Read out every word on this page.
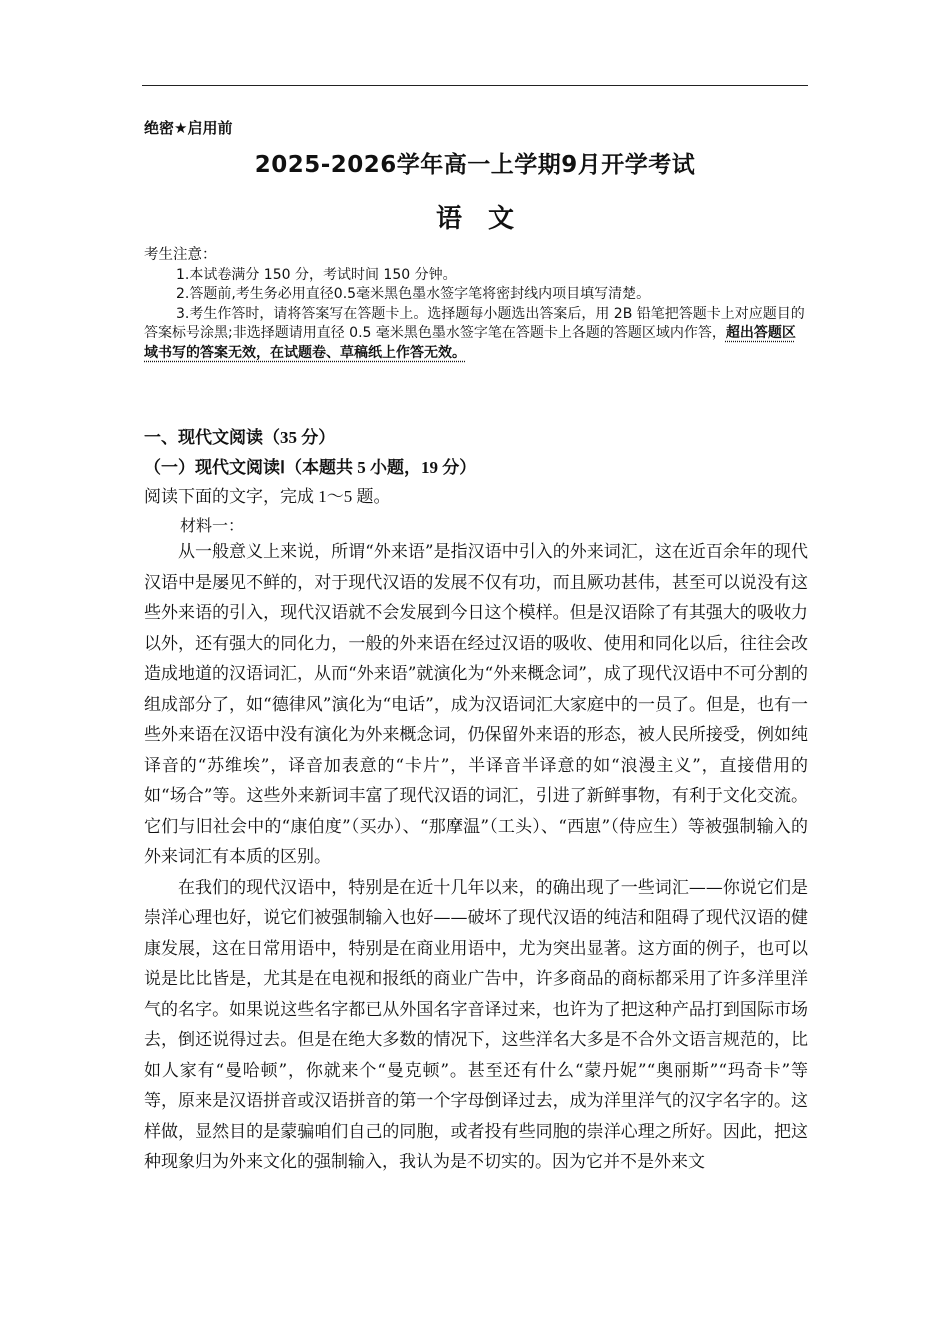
绝密★启用前
2025-2026学年高一上学期9月开学考试
语　文
考生注意：

1.本试卷满分 150 分，考试时间 150 分钟。

2.答题前,考生务必用直径0.5毫米黑色墨水签字笔将密封线内项目填写清楚。

3.考生作答时，请将答案写在答题卡上。选择题每小题选出答案后，用 2B 铅笔把答题卡上对应题目的答案标号涂黑;非选择题请用直径 0.5 毫米黑色墨水签字笔在答题卡上各题的答题区域内作答，超出答题区域书写的答案无效，在试题卷、草稿纸上作答无效。

一、现代文阅读（35 分）
（一）现代文阅读Ⅰ（本题共 5 小题，19 分）
阅读下面的文字，完成 1～5 题。
材料一：

从一般意义上来说，所谓“外来语”是指汉语中引入的外来词汇，这在近百余年的现代汉语中是屡见不鲜的，对于现代汉语的发展不仅有功，而且厥功甚伟，甚至可以说没有这些外来语的引入，现代汉语就不会发展到今日这个模样。但是汉语除了有其强大的吸收力以外，还有强大的同化力，一般的外来语在经过汉语的吸收、使用和同化以后，往往会改造成地道的汉语词汇，从而“外来语”就演化为“外来概念词”，成了现代汉语中不可分割的组成部分了，如“德律风”演化为“电话”，成为汉语词汇大家庭中的一员了。但是，也有一些外来语在汉语中没有演化为外来概念词，仍保留外来语的形态，被人民所接受，例如纯译音的“苏维埃”，译音加表意的“卡片”，半译音半译意的如“浪漫主义”，直接借用的如“场合”等。这些外来新词丰富了现代汉语的词汇，引进了新鲜事物，有利于文化交流。它们与旧社会中的“康伯度”（买办）、“那摩温”（工头）、“西崽”（侍应生）等被强制输入的外来词汇有本质的区别。

在我们的现代汉语中，特别是在近十几年以来，的确出现了一些词汇——你说它们是崇洋心理也好，说它们被强制输入也好——破坏了现代汉语的纯洁和阻碍了现代汉语的健康发展，这在日常用语中，特别是在商业用语中，尤为突出显著。这方面的例子，也可以说是比比皆是，尤其是在电视和报纸的商业广告中，许多商品的商标都采用了许多洋里洋气的名字。如果说这些名字都已从外国名字音译过来，也许为了把这种产品打到国际市场去，倒还说得过去。但是在绝大多数的情况下，这些洋名大多是不合外文语言规范的，比如人家有“曼哈顿”，你就来个“曼克顿”。甚至还有什么“蒙丹妮”“奥丽斯”“玛奇卡”等等，原来是汉语拼音或汉语拼音的第一个字母倒译过去，成为洋里洋气的汉字名字的。这样做，显然目的是蒙骗咱们自己的同胞，或者投有些同胞的崇洋心理之所好。因此，把这种现象归为外来文化的强制输入，我认为是不切实的。因为它并不是外来文
